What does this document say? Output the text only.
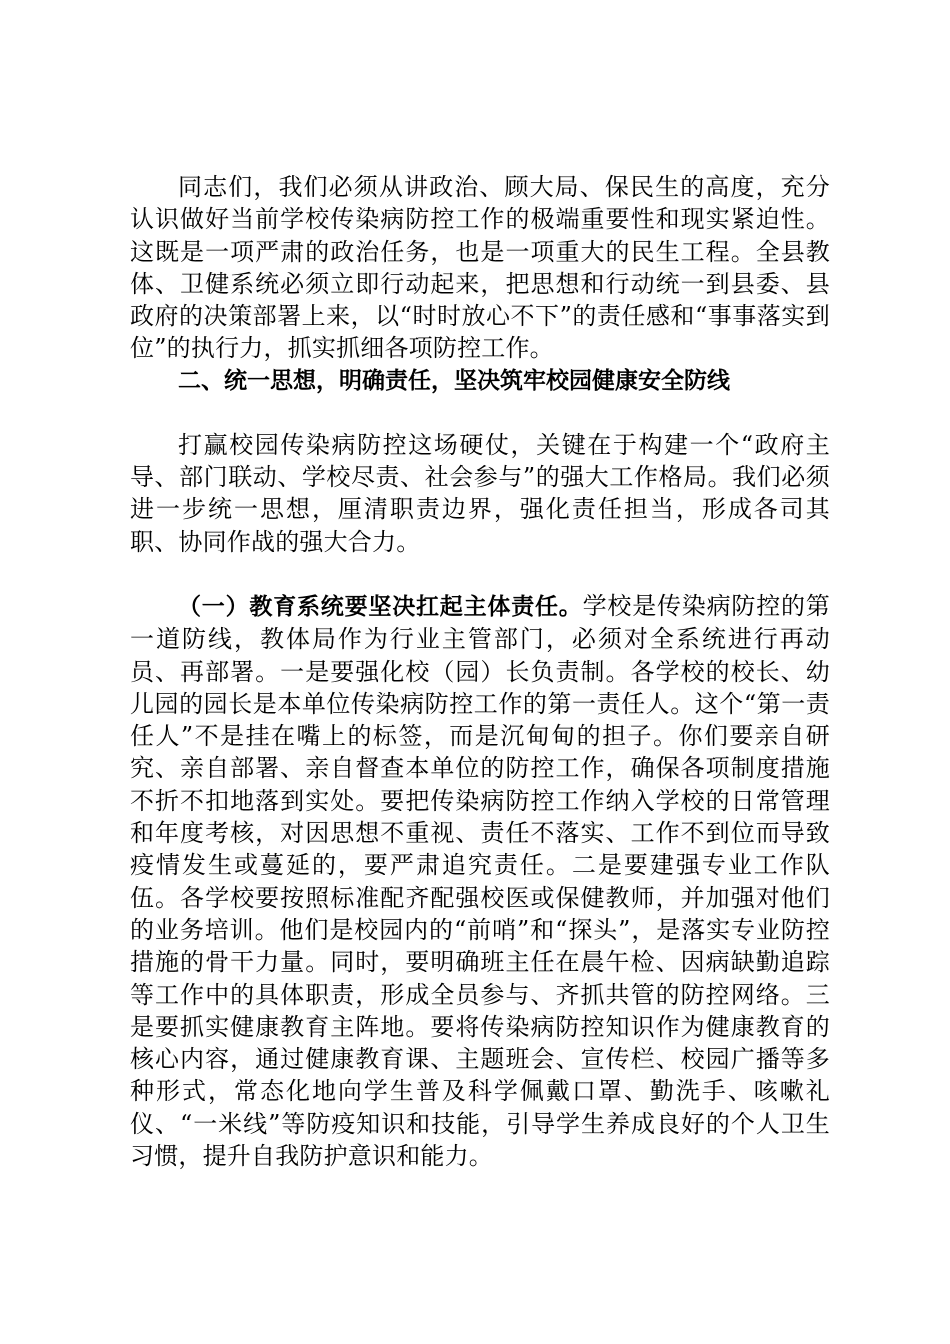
同志们，我们必须从讲政治、顾大局、保民生的高度，充分认识做好当前学校传染病防控工作的极端重要性和现实紧迫性。这既是一项严肃的政治任务，也是一项重大的民生工程。全县教体、卫健系统必须立即行动起来，把思想和行动统一到县委、县政府的决策部署上来，以“时时放心不下”的责任感和“事事落实到位”的执行力，抓实抓细各项防控工作。

二、统一思想，明确责任，坚决筑牢校园健康安全防线

打赢校园传染病防控这场硬仗，关键在于构建一个“政府主导、部门联动、学校尽责、社会参与”的强大工作格局。我们必须进一步统一思想，厘清职责边界，强化责任担当，形成各司其职、协同作战的强大合力。

（一）教育系统要坚决扛起主体责任。学校是传染病防控的第一道防线，教体局作为行业主管部门，必须对全系统进行再动员、再部署。一是要强化校（园）长负责制。各学校的校长、幼儿园的园长是本单位传染病防控工作的第一责任人。这个“第一责任人”不是挂在嘴上的标签，而是沉甸甸的担子。你们要亲自研究、亲自部署、亲自督查本单位的防控工作，确保各项制度措施不折不扣地落到实处。要把传染病防控工作纳入学校的日常管理和年度考核，对因思想不重视、责任不落实、工作不到位而导致疫情发生或蔓延的，要严肃追究责任。二是要建强专业工作队伍。各学校要按照标准配齐配强校医或保健教师，并加强对他们的业务培训。他们是校园内的“前哨”和“探头”，是落实专业防控措施的骨干力量。同时，要明确班主任在晨午检、因病缺勤追踪等工作中的具体职责，形成全员参与、齐抓共管的防控网络。三是要抓实健康教育主阵地。要将传染病防控知识作为健康教育的核心内容，通过健康教育课、主题班会、宣传栏、校园广播等多种形式，常态化地向学生普及科学佩戴口罩、勤洗手、咳嗽礼仪、“一米线”等防疫知识和技能，引导学生养成良好的个人卫生习惯，提升自我防护意识和能力。
